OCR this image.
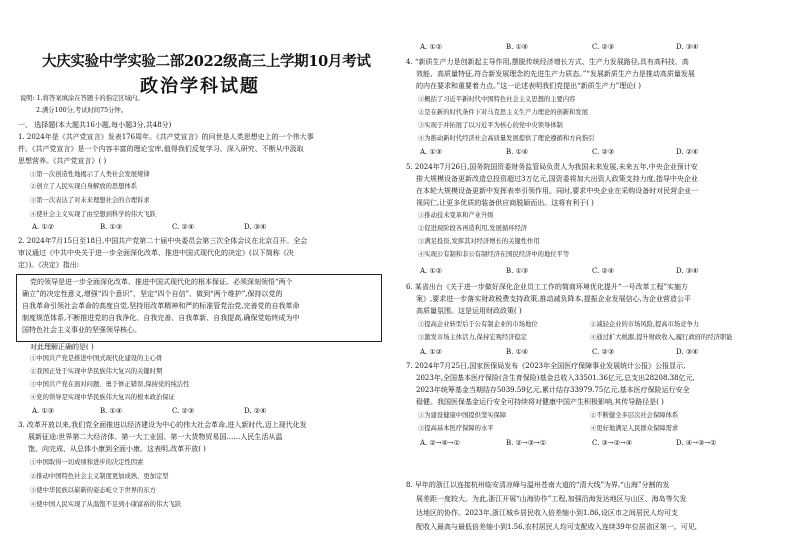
大庆实验中学实验二部2022级高三上学期10月考试
政治学科试题
说明: 1.将答案填涂在答题卡的指定区域内。
2.满分100分,考试时间75分钟。
一、 选择题(本大题共16小题,每小题3分,共48分)
1. 2024年是《共产党宣言》发表176周年。《共产党宣言》的问世是人类思想史上的一个伟大事
件。《共产党宣言》是一个内容丰富的理论宝库,值得我们反复学习、深入研究、不断从中汲取
思想营养。《共产党宣言》( )
①第一次创造性地揭示了人类社会发展规律
②创立了人民实现自身解放的思想体系
③第一次表达了对未来理想社会的合理诉求
④使社会主义实现了由空想到科学的伟大飞跃
A. ①②	B. ①③	C. ②④	D. ③④
2. 2024年7月15日至18日,中国共产党第二十届中央委员会第三次全体会议在北京召开。全会
审议通过《中共中央关于进一步全面深化改革、推进中国式现代化的决定》(以下简称《决
定》)。《决定》指出:
党的领导是进一步全面深化改革、推进中国式现代化的根本保证。必须深刻领悟“两个
确立”的决定性意义,增强“四个意识”、坚定“四个自信”、做到“两个维护”,保持以党的
自我革命引领社会革命的高度自觉,坚持用改革精神和严的标准管党治党,完善党的自我革命
制度规范体系,不断推进党的自我净化、自我完善、自我革新、自我提高,确保党始终成为中
国特色社会主义事业的坚强领导核心。
对此理解正确的是( )
①中国共产党是推进中国式现代化建设的主心骨
②我国正处于实现中华民族伟大复兴的关键时期
③中国共产党在面对问题、勇于修正错误,保持党的纯洁性
④党的领导是实现中华民族伟大复兴的根本政治保证
A. ①③	B. ①④	C. ②③	D. ②④
3. 改革开放以来,我们党全面推进以经济建设为中心的伟大社会革命,进入新时代,迈上现代化发
展新征途:世界第二大经济体、第一大工业国、第一大货物贸易国……人民生活从温
饱、向完成、从总体小康到全面小康。这表明,改革开放( )
①中国取得一切成绩和进步的决定性因素
②推动中国特色社会主义制度更加成熟、更加定型
③使中华民族以崭新的姿态屹立于世界的东方
④使中国人民实现了从温饱不足到小康富裕的伟大飞跃
A. ①②	B. ①④	C. ②③	D. ③④
4. “新质生产力是创新起主导作用,摆脱传统经济增长方式、生产力发展路径,具有高科技、高
效能、高质量特征,符合新发展理念的先进生产力质态。”“发展新质生产力是推动高质量发展
的内在要求和重要着力点。”这一论述表明我们党提出“新质生产力”理论( )
①概括了习近平新时代中国特色社会主义思想的主要内容
②是在新的时代条件下对马克思主义生产力理论的创新和发展
③实现于并拓展了以习近平为核心的党中央领导体制
④为推动新时代经济社会高质量发展提供了理论遵循和方向指引
A. ①③	B. ①④	C. ②③	D. ②④
5. 2024年7月26日,国务院国资委财务监管局负责人为我国未来发展,未来五年,中央企业预计安
排大规模设备更新改造总投资超过3万亿元,国资委将加大出资人政策支持力度,指导中央企业
在本轮大规模设备更新中发挥表率引领作用。同时,要求中央企业在采购设备时对民营企业一
视同仁,让更多优质的装备供应商脱颖而出。这将有利于( )
①推动技术变革和产业升级
②促进现阶段各再造利用,发展循环经济
③满足投资,发挥其对经济增长的关键性作用
④实现公有制和非公有制经济在国民经济中的地位平等
A. ①②	B. ①③	C. ②④	D. ③④
6. 某省出台《关于进一步做好深化企业员工工作的简商环境优化提升“一号改革工程”实施方
案》,要求进一步落实财政税费支持政策,推动减负降本,提振企业发展信心,为企业营造公平
高质量氛围。这是运用财政政策( )
①提高企业转型后于公有制企业的市场地位	②减轻企业的市场风险,提高市场竞争力
③激发市场主体活力,保持宏观经济稳定	④通过扩大税源,提升财政收入,履行政府的经济职能
A. ①②	B. ①④	C. ②③	D. ③④
7. 2024年7月25日,国家医保局发布《2023年全国医疗保障事业发展统计公报》公报显示,
2023年,全国基本医疗保险(含生育保险)基金总收入33501.36亿元,总支出28208.38亿元,
2023年统筹基金当期结存5039.59亿元,累计结存33979.75亿元,基本医疗保险运行安全
稳健。我国医保基金运行安全可持续将对健康中国产生积极影响,其传导路径是( )
①为建设健康中国提供坚实保障	②不断健全多层次社会保障体系
③提高基本医疗保障的水平	④更好地满足人民群众保障需求
A. ②→④→①	B. ②→③→①	C. ③→②→④	D. ④→③→①
8. 早年的浙江以连接杭州临安清凉峰与温州苍南大道的“清大线”为界,“山海”分割的发
展差距一度较大。为此,浙江开展“山海协作”工程,加强沿海发达地区与山区、海岛等欠发
达地区的协作。2023年,浙江城乡居民收入倍差缩小到1.86,设区市之间居民人均可支
配收入最高与最低倍差缩小到1.56,农村居民人均可支配收入连续39年位居省区第一。可见,
